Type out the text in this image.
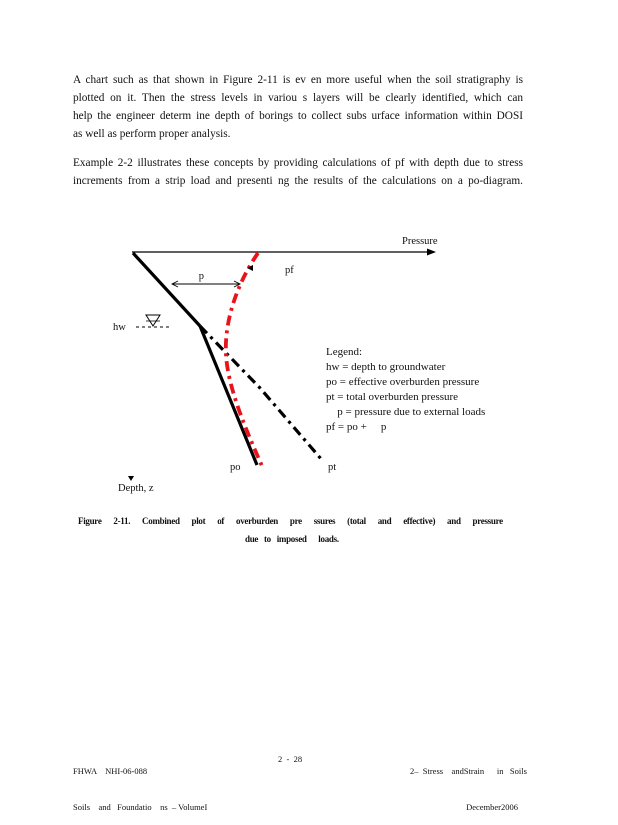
A chart such as that shown in Figure 2-11 is ev en more useful when the soil stratigraphy is
plotted on it. Then the stress levels in variou s layers will be clearly identified, which can
help the engineer determ ine depth of borings to collect subs urface information within DOSI
as well as perform proper analysis.
Example 2-2 illustrates these concepts by providing calculations of pf with depth due to stress
increments from a strip load and presenti ng the results of the calculations on a po-diagram.
Pressure
p
pf
hw
po	pt
Depth, z
Legend:
hw = depth to groundwater
po = effective overburden pressure
pt = total overburden pressure
p = pressure due to external loads
pf = po + p
Figure 2-11. Combined plot of overburden pre ssures (total and effective) and pressure
due   to   imposed      loads.

FHWA    NHI-06-088

Soils    and   Foundatio    ns  – VolumeI

2  -  28

2–  Stress    andStrain      in   Soils

December2006
